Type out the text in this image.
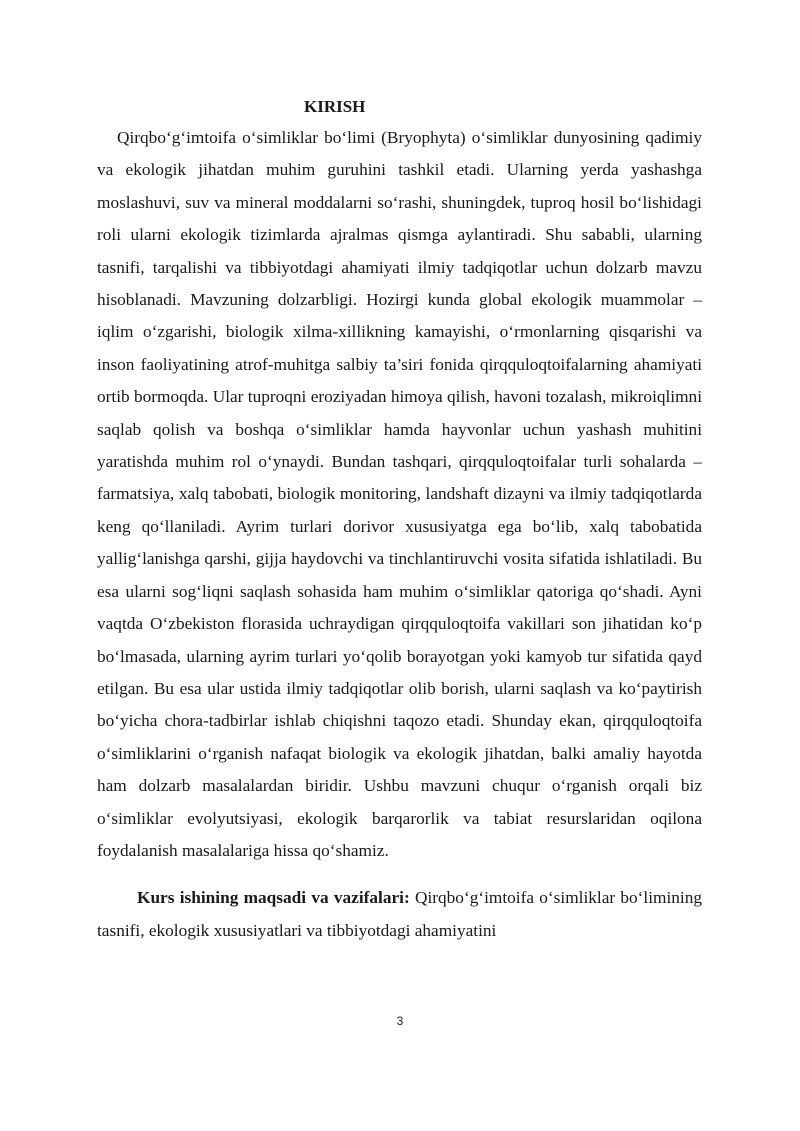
KIRISH

Qirqbo‘g‘imtoifa o‘simliklar bo‘limi (Bryophyta) o‘simliklar dunyosining qadimiy va ekologik jihatdan muhim guruhini tashkil etadi. Ularning yerda yashashga moslashuvi, suv va mineral moddalarni so‘rashi, shuningdek, tuproq hosil bo‘lishidagi roli ularni ekologik tizimlarda ajralmas qismga aylantiradi. Shu sababli, ularning tasnifi, tarqalishi va tibbiyotdagi ahamiyati ilmiy tadqiqotlar uchun dolzarb mavzu hisoblanadi. Mavzuning dolzarbligi. Hozirgi kunda global ekologik muammolar – iqlim o‘zgarishi, biologik xilma-xillikning kamayishi, o‘rmonlarning qisqarishi va inson faoliyatining atrof-muhitga salbiy ta’siri fonida qirqquloqtoifalarning ahamiyati ortib bormoqda. Ular tuproqni eroziyadan himoya qilish, havoni tozalash, mikroiqlimni saqlab qolish va boshqa o‘simliklar hamda hayvonlar uchun yashash muhitini yaratishda muhim rol o‘ynaydi. Bundan tashqari, qirqquloqtoifalar turli sohalarda – farmatsiya, xalq tabobati, biologik monitoring, landshaft dizayni va ilmiy tadqiqotlarda keng qo‘llaniladi. Ayrim turlari dorivor xususiyatga ega bo‘lib, xalq tabobatida yallig‘lanishga qarshi, gijja haydovchi va tinchlantiruvchi vosita sifatida ishlatiladi. Bu esa ularni sog‘liqni saqlash sohasida ham muhim o‘simliklar qatoriga qo‘shadi. Ayni vaqtda O‘zbekiston florasida uchraydigan qirqquloqtoifa vakillari son jihatidan ko‘p bo‘lmasada, ularning ayrim turlari yo‘qolib borayotgan yoki kamyob tur sifatida qayd etilgan. Bu esa ular ustida ilmiy tadqiqotlar olib borish, ularni saqlash va ko‘paytirish bo‘yicha chora-tadbirlar ishlab chiqishni taqozo etadi. Shunday ekan, qirqquloqtoifa o‘simliklarini o‘rganish nafaqat biologik va ekologik jihatdan, balki amaliy hayotda ham dolzarb masalalardan biridir. Ushbu mavzuni chuqur o‘rganish orqali biz o‘simliklar evolyutsiyasi, ekologik barqarorlik va tabiat resurslaridan oqilona foydalanish masalalariga hissa qo‘shamiz.

Kurs ishining maqsadi va vazifalari: Qirqbo‘g‘imtoifa o‘simliklar bo‘limining tasnifi, ekologik xususiyatlari va tibbiyotdagi ahamiyatini

3
